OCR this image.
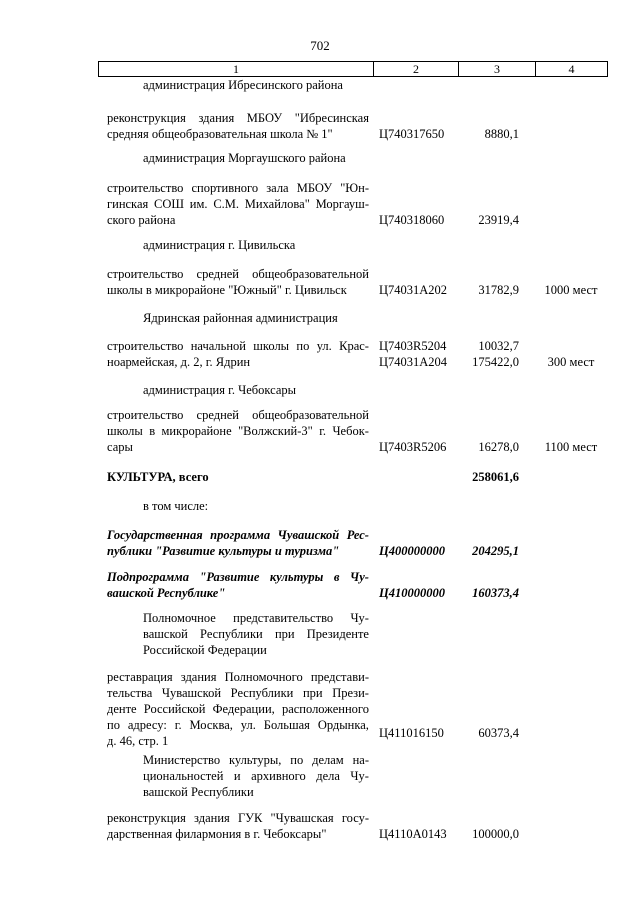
702
1	2	3	4
администрация Ибресинского района
реконструкция здания МБОУ "Ибресинская
средняя общеобразовательная школа № 1"	Ц740317650	8880,1
администрация Моргаушского района
строительство спортивного зала МБОУ "Юн-
гинская СОШ им. С.М. Михайлова" Моргауш-
ского района	Ц740318060	23919,4
администрация г. Цивильска
строительство средней общеобразовательной
школы в микрорайоне "Южный" г. Цивильск	Ц74031А202	31782,9	1000 мест
Ядринская районная администрация
строительство начальной школы по ул. Крас-
ноармейская, д. 2, г. Ядрин
Ц7403R5204	10032,7
Ц74031А204	175422,0	300 мест
администрация г. Чебоксары
строительство средней общеобразовательной
школы в микрорайоне "Волжский-3" г. Чебок-
сары	Ц7403R5206	16278,0	1100 мест
КУЛЬТУРА, всего	258061,6
в том числе:
Государственная программа Чувашской Рес-
публики "Развитие культуры и туризма"	Ц400000000	204295,1
Подпрограмма "Развитие культуры в Чу-
вашской Республике"	Ц410000000	160373,4
Полномочное представительство Чу-
вашской Республики при Президенте
Российской Федерации
реставрация здания Полномочного представи-
тельства Чувашской Республики при Прези-
денте Российской Федерации, расположенного
по адресу: г. Москва, ул. Большая Ордынка,
д. 46, стр. 1
Ц411016150	60373,4
Министерство культуры, по делам на-
циональностей и архивного дела Чу-
вашской Республики
реконструкция здания ГУК "Чувашская госу-
дарственная филармония в г. Чебоксары"	Ц4110А0143	100000,0
